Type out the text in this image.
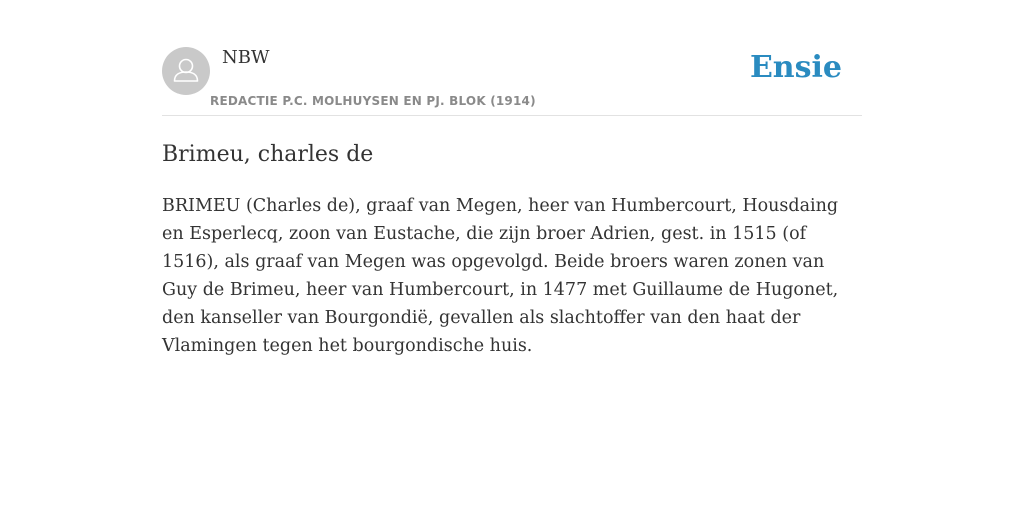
NBW
REDACTIE P.C. MOLHUYSEN EN PJ. BLOK (1914)
Ensie
Brimeu, charles de

BRIMEU (Charles de), graaf van Megen, heer van Humbercourt, Housdaing en Esperlecq, zoon van Eustache, die zijn broer Adrien, gest. in 1515 (of 1516), als graaf van Megen was opgevolgd. Beide broers waren zonen van Guy de Brimeu, heer van Humbercourt, in 1477 met Guillaume de Hugonet, den kanseller van Bourgondië, gevallen als slachtoffer van den haat der Vlamingen tegen het bourgondische huis.
